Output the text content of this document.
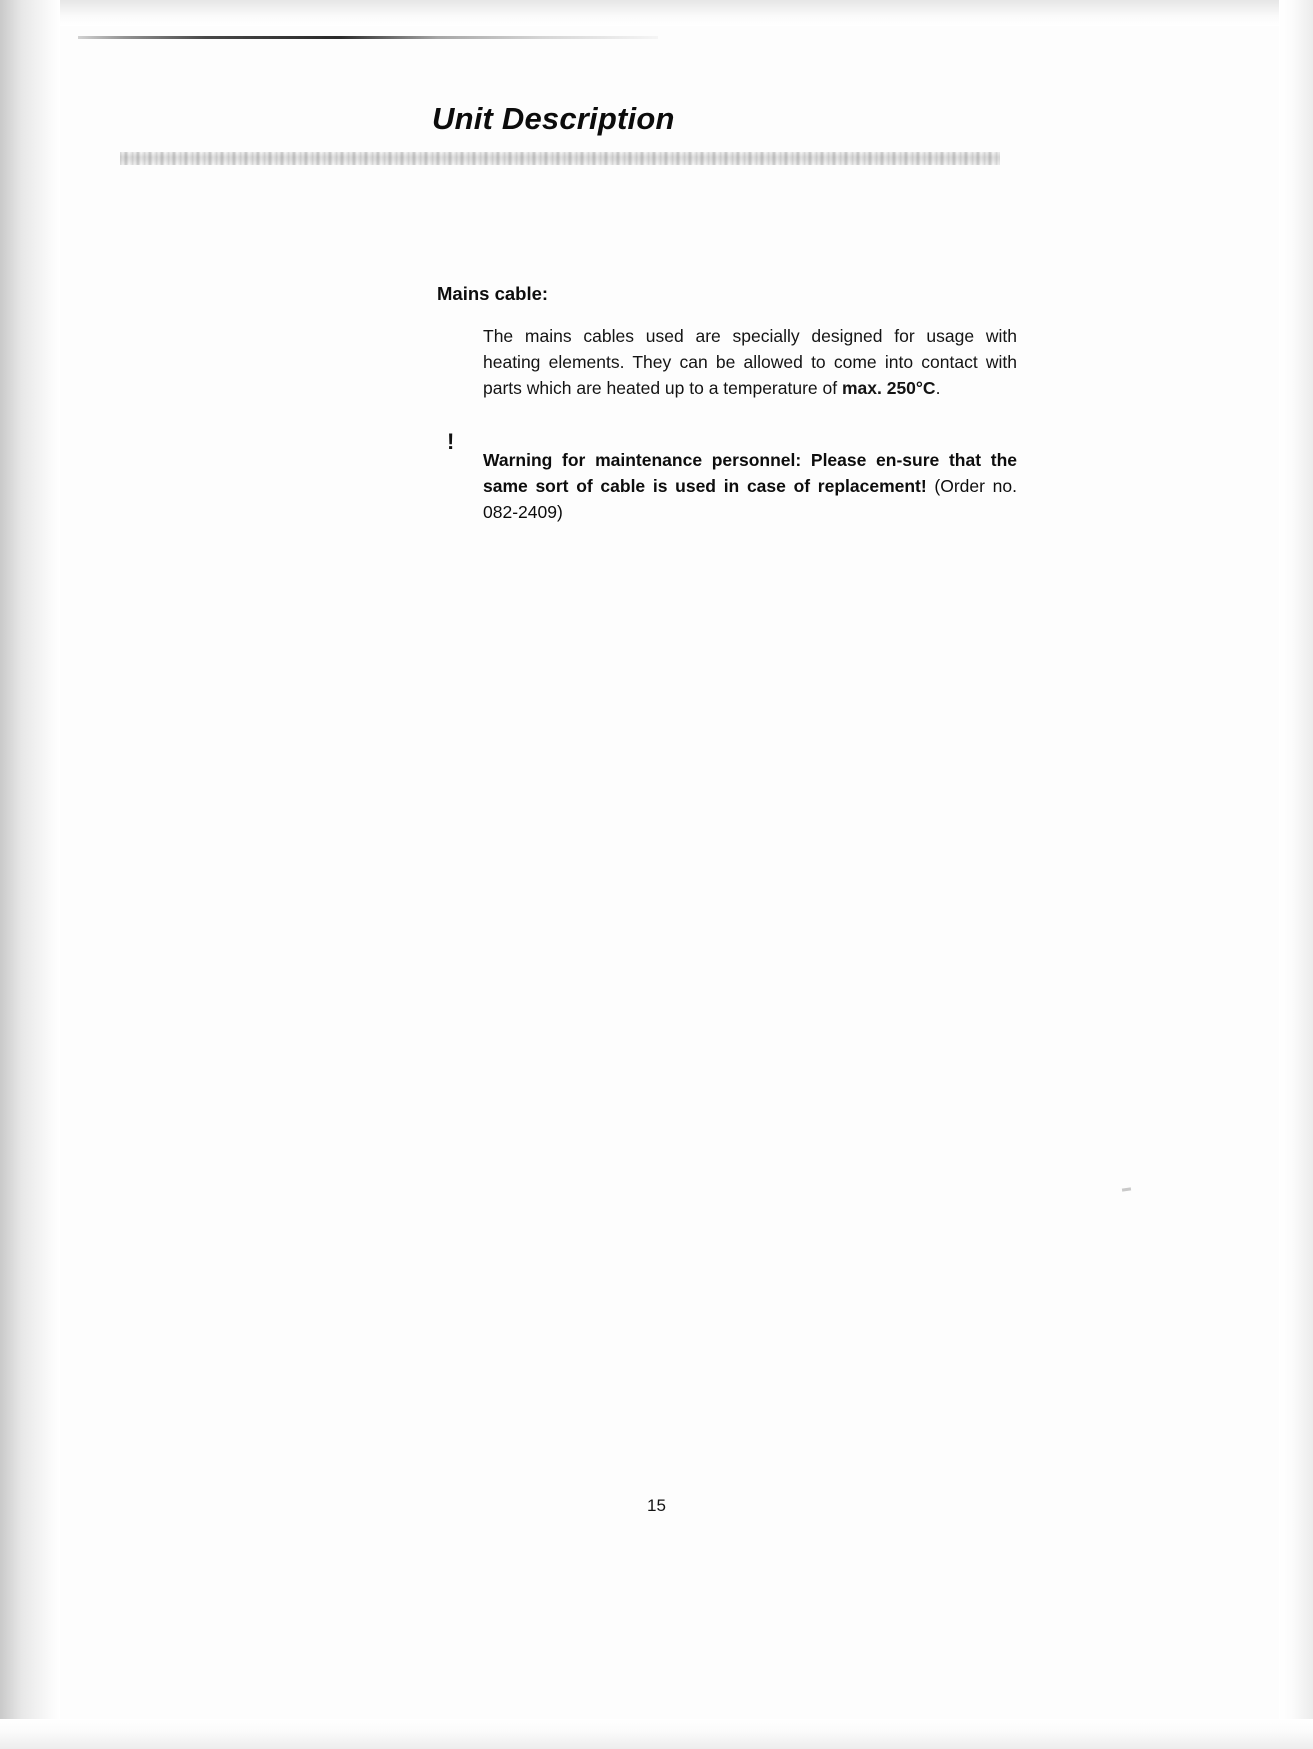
Unit Description
Mains cable:

The mains cables used are specially designed for usage with heating elements. They can be allowed to come into contact with parts which are heated up to a temperature of max. 250°C.

!

Warning for maintenance personnel: Please en-sure that the same sort of cable is used in case of replacement! (Order no. 082-2409)

15
